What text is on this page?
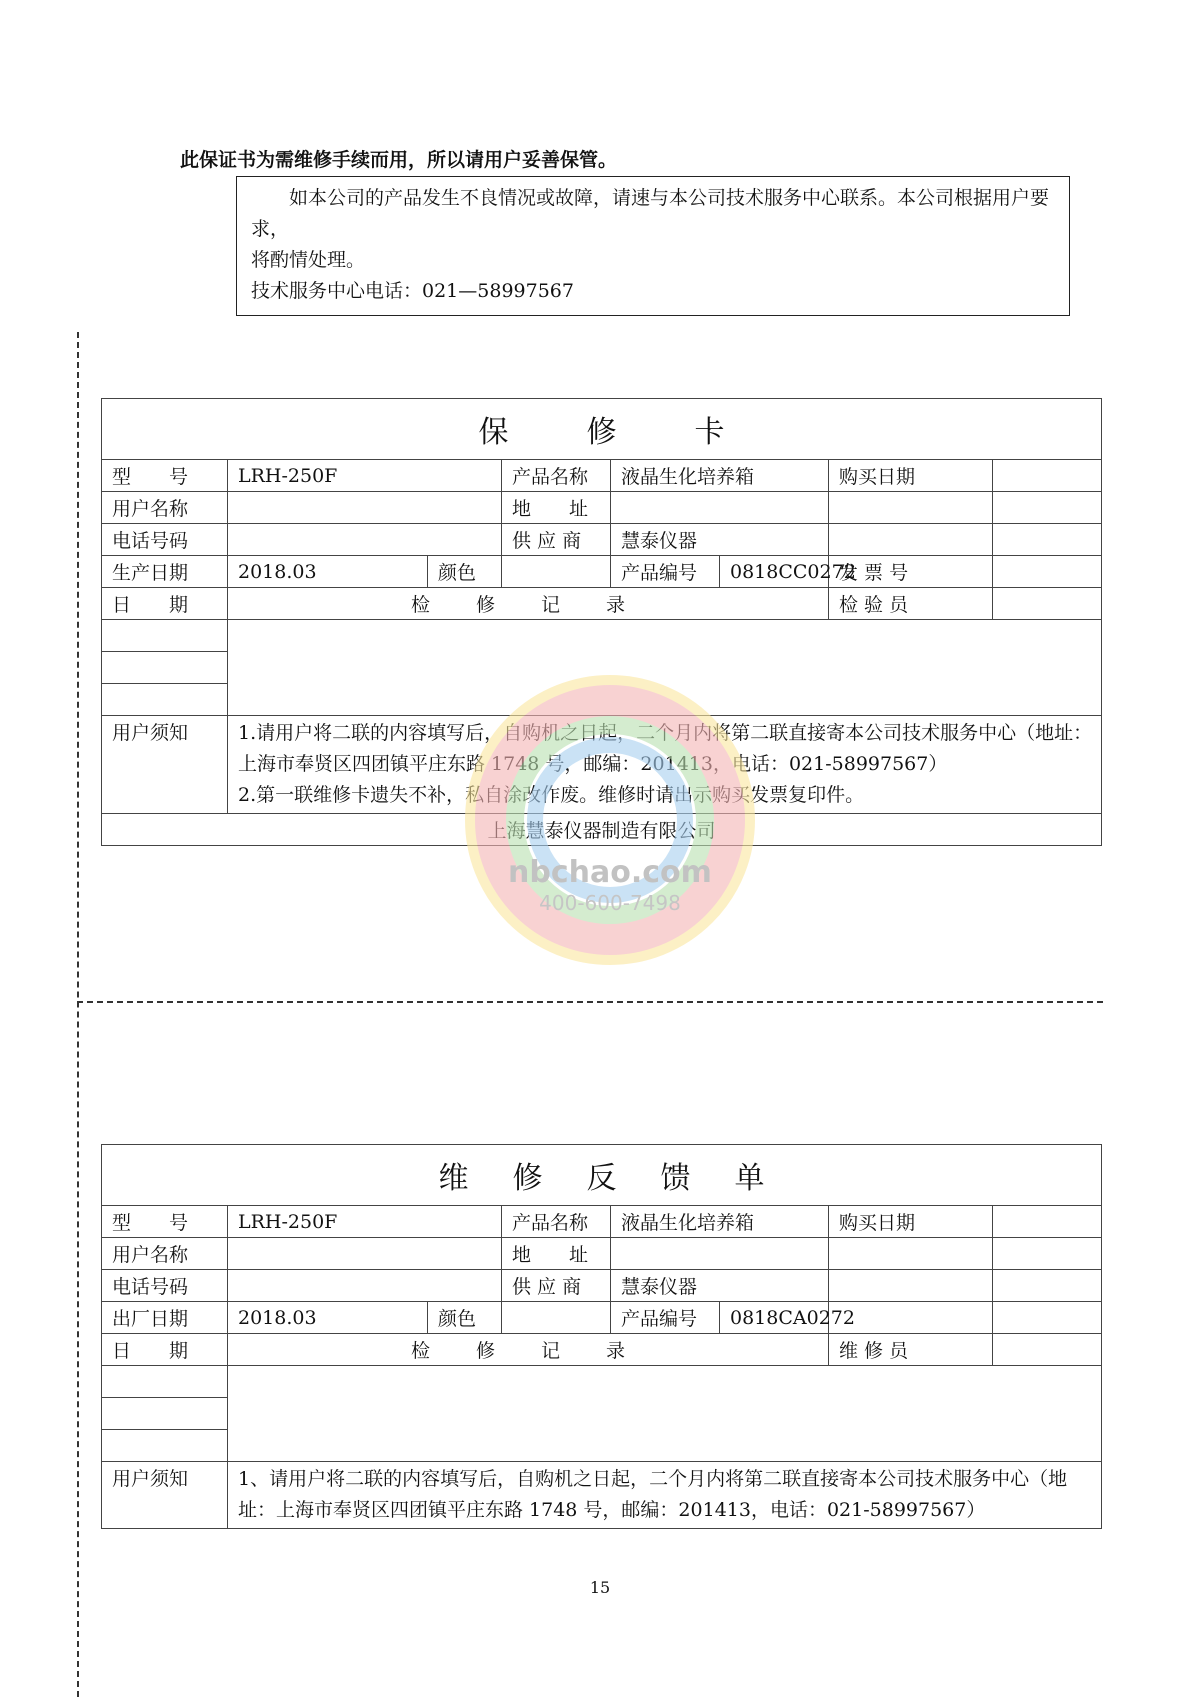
此保证书为需维修手续而用，所以请用户妥善保管。
如本公司的产品发生不良情况或故障，请速与本公司技术服务中心联系。本公司根据用户要求，
将酌情处理。
技术服务中心电话：021—58997567
保 修 卡							
型　　号	LRH-250F		产品名称	液晶生化培养箱		购买日期	
用户名称			地　　址				
电话号码			供 应 商	慧泰仪器			
生产日期	2018.03	颜色		产品编号	0818CC0272	发 票 号	
日　　期	检 修 记 录					检 验 员	

用户须知	1.请用户将二联的内容填写后，自购机之日起，二个月内将第二联直接寄本公司技术服务中心（地址：上海市奉贤区四团镇平庄东路 1748 号，邮编：201413，电话：021-58997567）
2.第一联维修卡遗失不补，私自涂改作废。维修时请出示购买发票复印件。						

上海慧泰仪器制造有限公司							
nbchao.com
400-600-7498
维 修 反 馈 单							
型　　号	LRH-250F		产品名称	液晶生化培养箱		购买日期	
用户名称			地　　址				
电话号码			供 应 商	慧泰仪器			
出厂日期	2018.03	颜色		产品编号	0818CA0272		
日　　期	检 修 记 录					维 修 员	

用户须知	1、请用户将二联的内容填写后，自购机之日起，二个月内将第二联直接寄本公司技术服务中心（地址：上海市奉贤区四团镇平庄东路 1748 号，邮编：201413，电话：021-58997567）						
15
